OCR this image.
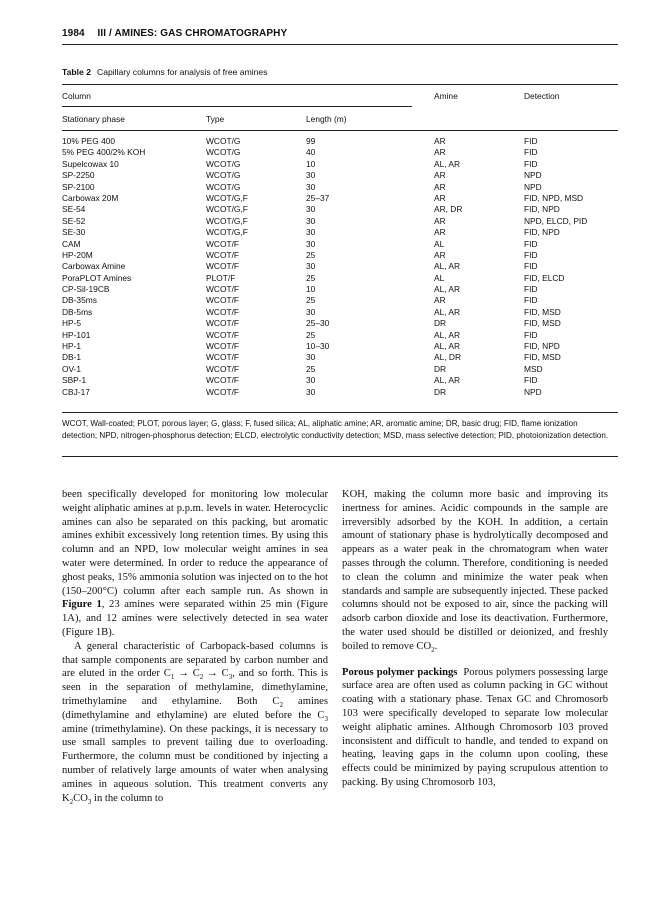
1984 III / AMINES: GAS CHROMATOGRAPHY
Table 2 Capillary columns for analysis of free amines
Column	Amine	Detection
Stationary phase	Type	Length (m)
10% PEG 400	WCOT/G	99	AR	FID
5% PEG 400/2% KOH	WCOT/G	40	AR	FID
Supelcowax 10	WCOT/G	10	AL, AR	FID
SP-2250	WCOT/G	30	AR	NPD
SP-2100	WCOT/G	30	AR	NPD
Carbowax 20M	WCOT/G,F	25–37	AR	FID, NPD, MSD
SE-54	WCOT/G,F	30	AR, DR	FID, NPD
SE-52	WCOT/G,F	30	AR	NPD, ELCD, PID
SE-30	WCOT/G,F	30	AR	FID, NPD
CAM	WCOT/F	30	AL	FID
HP-20M	WCOT/F	25	AR	FID
Carbowax Amine	WCOT/F	30	AL, AR	FID
PoraPLOT Amines	PLOT/F	25	AL	FID, ELCD
CP-Sil-19CB	WCOT/F	10	AL, AR	FID
DB-35ms	WCOT/F	25	AR	FID
DB-5ms	WCOT/F	30	AL, AR	FID, MSD
HP-5	WCOT/F	25–30	DR	FID, MSD
HP-101	WCOT/F	25	AL, AR	FID
HP-1	WCOT/F	10–30	AL, AR	FID, NPD
DB-1	WCOT/F	30	AL, DR	FID, MSD
OV-1	WCOT/F	25	DR	MSD
SBP-1	WCOT/F	30	AL, AR	FID
CBJ-17	WCOT/F	30	DR	NPD
WCOT, Wall-coated; PLOT, porous layer; G, glass; F, fused silica; AL, aliphatic amine; AR, aromatic amine; DR, basic drug; FID, flame ionization detection; NPD, nitrogen-phosphorus detection; ELCD, electrolytic conductivity detection; MSD, mass selective detection; PID, photoionization detection.

been specifically developed for monitoring low molecular weight aliphatic amines at p.p.m. levels in water. Heterocyclic amines can also be separated on this packing, but aromatic amines exhibit excessively long retention times. By using this column and an NPD, low molecular weight amines in sea water were determined. In order to reduce the appearance of ghost peaks, 15% ammonia solution was injected on to the hot (150–200°C) column after each sample run. As shown in Figure 1, 23 amines were separated within 25 min (Figure 1A), and 12 amines were selectively detected in sea water (Figure 1B).

A general characteristic of Carbopack-based columns is that sample components are separated by carbon number and are eluted in the order $C_1 \to C_2 \to C_3$, and so forth. This is seen in the separation of methylamine, dimethylamine, trimethylamine and ethylamine. Both $C_2$ amines (dimethylamine and ethylamine) are eluted before the $C_3$ amine (trimethylamine). On these packings, it is necessary to use small samples to prevent tailing due to overloading. Furthermore, the column must be conditioned by injecting a number of relatively large amounts of water when analysing amines in aqueous solution. This treatment converts any $K_2CO_3$ in the column to

KOH, making the column more basic and improving its inertness for amines. Acidic compounds in the sample are irreversibly adsorbed by the KOH. In addition, a certain amount of stationary phase is hydrolytically decomposed and appears as a water peak in the chromatogram when water passes through the column. Therefore, conditioning is needed to clean the column and minimize the water peak when standards and sample are subsequently injected. These packed columns should not be exposed to air, since the packing will adsorb carbon dioxide and lose its deactivation. Furthermore, the water used should be distilled or deionized, and freshly boiled to remove $CO_2$.

Porous polymer packings Porous polymers possessing large surface area are often used as column packing in GC without coating with a stationary phase. Tenax GC and Chromosorb 103 were specifically developed to separate low molecular weight aliphatic amines. Although Chromosorb 103 proved inconsistent and difficult to handle, and tended to expand on heating, leaving gaps in the column upon cooling, these effects could be minimized by paying scrupulous attention to packing. By using Chromosorb 103,
